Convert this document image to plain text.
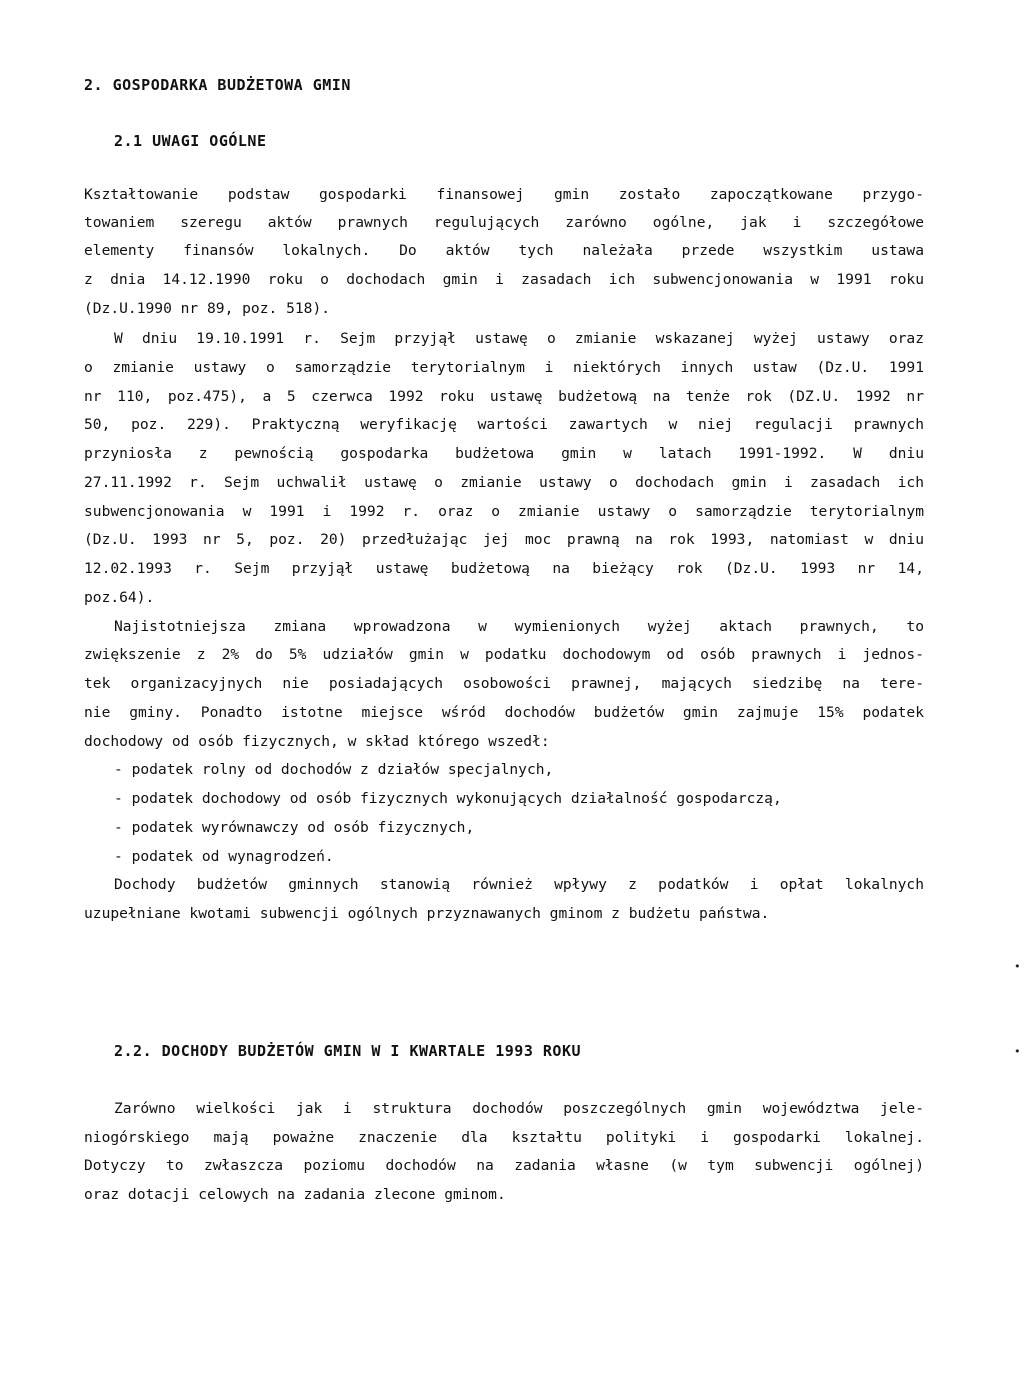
2. GOSPODARKA BUDŻETOWA GMIN
2.1 UWAGI OGÓLNE
Kształtowanie podstaw gospodarki finansowej gmin zostało zapoczątkowane przygo-
towaniem szeregu aktów prawnych regulujących zarówno ogólne, jak i szczegółowe
elementy finansów lokalnych. Do aktów tych należała przede wszystkim ustawa
z dnia 14.12.1990 roku o dochodach gmin i zasadach ich subwencjonowania w 1991 roku
(Dz.U.1990 nr 89, poz. 518).
W dniu 19.10.1991 r. Sejm przyjął ustawę o zmianie wskazanej wyżej ustawy oraz
o zmianie ustawy o samorządzie terytorialnym i niektórych innych ustaw (Dz.U. 1991
nr 110, poz.475), a 5 czerwca 1992 roku ustawę budżetową na tenże rok (DZ.U. 1992 nr
50, poz. 229). Praktyczną weryfikację wartości zawartych w niej regulacji prawnych
przyniosła z pewnością gospodarka budżetowa gmin w latach 1991-1992. W dniu
27.11.1992 r. Sejm uchwalił ustawę o zmianie ustawy o dochodach gmin i zasadach ich
subwencjonowania w 1991 i 1992 r. oraz o zmianie ustawy o samorządzie terytorialnym
(Dz.U. 1993 nr 5, poz. 20) przedłużając jej moc prawną na rok 1993, natomiast w dniu
12.02.1993 r. Sejm przyjął ustawę budżetową na bieżący rok (Dz.U. 1993 nr 14,
poz.64).
Najistotniejsza zmiana wprowadzona w wymienionych wyżej aktach prawnych, to
zwiększenie z 2% do 5% udziałów gmin w podatku dochodowym od osób prawnych i jednos-
tek organizacyjnych nie posiadających osobowości prawnej, mających siedzibę na tere-
nie gminy. Ponadto istotne miejsce wśród dochodów budżetów gmin zajmuje 15% podatek
dochodowy od osób fizycznych, w skład którego wszedł:
- podatek rolny od dochodów z działów specjalnych,
- podatek dochodowy od osób fizycznych wykonujących działalność gospodarczą,
- podatek wyrównawczy od osób fizycznych,
- podatek od wynagrodzeń.
Dochody budżetów gminnych stanowią również wpływy z podatków i opłat lokalnych
uzupełniane kwotami subwencji ogólnych przyznawanych gminom z budżetu państwa.
•
•
2.2. DOCHODY BUDŻETÓW GMIN W I KWARTALE 1993 ROKU
Zarówno wielkości jak i struktura dochodów poszczególnych gmin województwa jele-
niogórskiego mają poważne znaczenie dla kształtu polityki i gospodarki lokalnej.
Dotyczy to zwłaszcza poziomu dochodów na zadania własne (w tym subwencji ogólnej)
oraz dotacji celowych na zadania zlecone gminom.
